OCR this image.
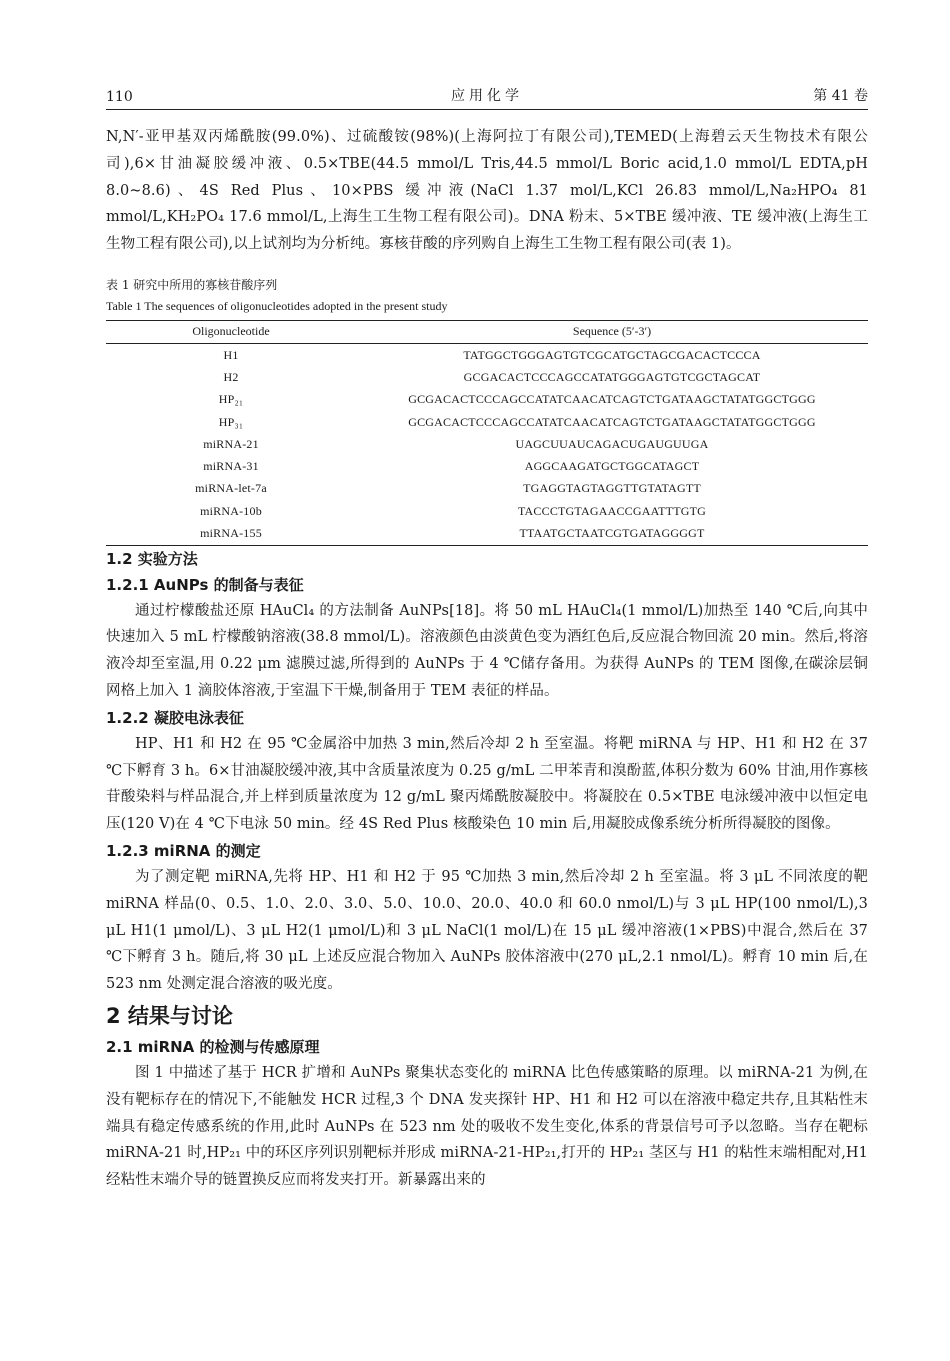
110	应用化学	第 41 卷

N,N′-亚甲基双丙烯酰胺(99.0%)、过硫酸铵(98%)(上海阿拉丁有限公司),TEMED(上海碧云天生物技术有限公司),6×甘油凝胶缓冲液、0.5×TBE(44.5 mmol/L Tris,44.5 mmol/L Boric acid,1.0 mmol/L EDTA,pH 8.0~8.6)、4S Red Plus、10×PBS 缓冲液(NaCl 1.37 mol/L,KCl 26.83 mmol/L,Na₂HPO₄ 81 mmol/L,KH₂PO₄ 17.6 mmol/L,上海生工生物工程有限公司)。DNA 粉末、5×TBE 缓冲液、TE 缓冲液(上海生工生物工程有限公司),以上试剂均为分析纯。寡核苷酸的序列购自上海生工生物工程有限公司(表 1)。

表 1 研究中所用的寡核苷酸序列

Table 1 The sequences of oligonucleotides adopted in the present study

Oligonucleotide	Sequence (5′-3′)
H1	TATGGCTGGGAGTGTCGCATGCTAGCGACACTCCCA
H2	GCGACACTCCCAGCCATATGGGAGTGTCGCTAGCAT
HP₂₁	GCGACACTCCCAGCCATATCAACATCAGTCTGATAAGCTATATGGCTGGG
HP₃₁	GCGACACTCCCAGCCATATCAACATCAGTCTGATAAGCTATATGGCTGGG
miRNA-21	UAGCUUAUCAGACUGAUGUUGA
miRNA-31	AGGCAAGATGCTGGCATAGCT
miRNA-let-7a	TGAGGTAGTAGGTTGTATAGTT
miRNA-10b	TACCCTGTAGAACCGAATTTGTG
miRNA-155	TTAATGCTAATCGTGATAGGGGT
1.2 实验方法
1.2.1 AuNPs 的制备与表征

通过柠檬酸盐还原 HAuCl₄ 的方法制备 AuNPs[18]。将 50 mL HAuCl₄(1 mmol/L)加热至 140 ℃后,向其中快速加入 5 mL 柠檬酸钠溶液(38.8 mmol/L)。溶液颜色由淡黄色变为酒红色后,反应混合物回流 20 min。然后,将溶液冷却至室温,用 0.22 μm 滤膜过滤,所得到的 AuNPs 于 4 ℃储存备用。为获得 AuNPs 的 TEM 图像,在碳涂层铜网格上加入 1 滴胶体溶液,于室温下干燥,制备用于 TEM 表征的样品。

1.2.2 凝胶电泳表征

HP、H1 和 H2 在 95 ℃金属浴中加热 3 min,然后冷却 2 h 至室温。将靶 miRNA 与 HP、H1 和 H2 在 37 ℃下孵育 3 h。6×甘油凝胶缓冲液,其中含质量浓度为 0.25 g/mL 二甲苯青和溴酚蓝,体积分数为 60% 甘油,用作寡核苷酸染料与样品混合,并上样到质量浓度为 12 g/mL 聚丙烯酰胺凝胶中。将凝胶在 0.5×TBE 电泳缓冲液中以恒定电压(120 V)在 4 ℃下电泳 50 min。经 4S Red Plus 核酸染色 10 min 后,用凝胶成像系统分析所得凝胶的图像。

1.2.3 miRNA 的测定

为了测定靶 miRNA,先将 HP、H1 和 H2 于 95 ℃加热 3 min,然后冷却 2 h 至室温。将 3 μL 不同浓度的靶 miRNA 样品(0、0.5、1.0、2.0、3.0、5.0、10.0、20.0、40.0 和 60.0 nmol/L)与 3 μL HP(100 nmol/L),3 μL H1(1 μmol/L)、3 μL H2(1 μmol/L)和 3 μL NaCl(1 mol/L)在 15 μL 缓冲溶液(1×PBS)中混合,然后在 37 ℃下孵育 3 h。随后,将 30 μL 上述反应混合物加入 AuNPs 胶体溶液中(270 μL,2.1 nmol/L)。孵育 10 min 后,在 523 nm 处测定混合溶液的吸光度。

2 结果与讨论
2.1 miRNA 的检测与传感原理

图 1 中描述了基于 HCR 扩增和 AuNPs 聚集状态变化的 miRNA 比色传感策略的原理。以 miRNA-21 为例,在没有靶标存在的情况下,不能触发 HCR 过程,3 个 DNA 发夹探针 HP、H1 和 H2 可以在溶液中稳定共存,且其粘性末端具有稳定传感系统的作用,此时 AuNPs 在 523 nm 处的吸收不发生变化,体系的背景信号可予以忽略。当存在靶标 miRNA-21 时,HP₂₁ 中的环区序列识别靶标并形成 miRNA-21-HP₂₁,打开的 HP₂₁ 茎区与 H1 的粘性末端相配对,H1 经粘性末端介导的链置换反应而将发夹打开。新暴露出来的
